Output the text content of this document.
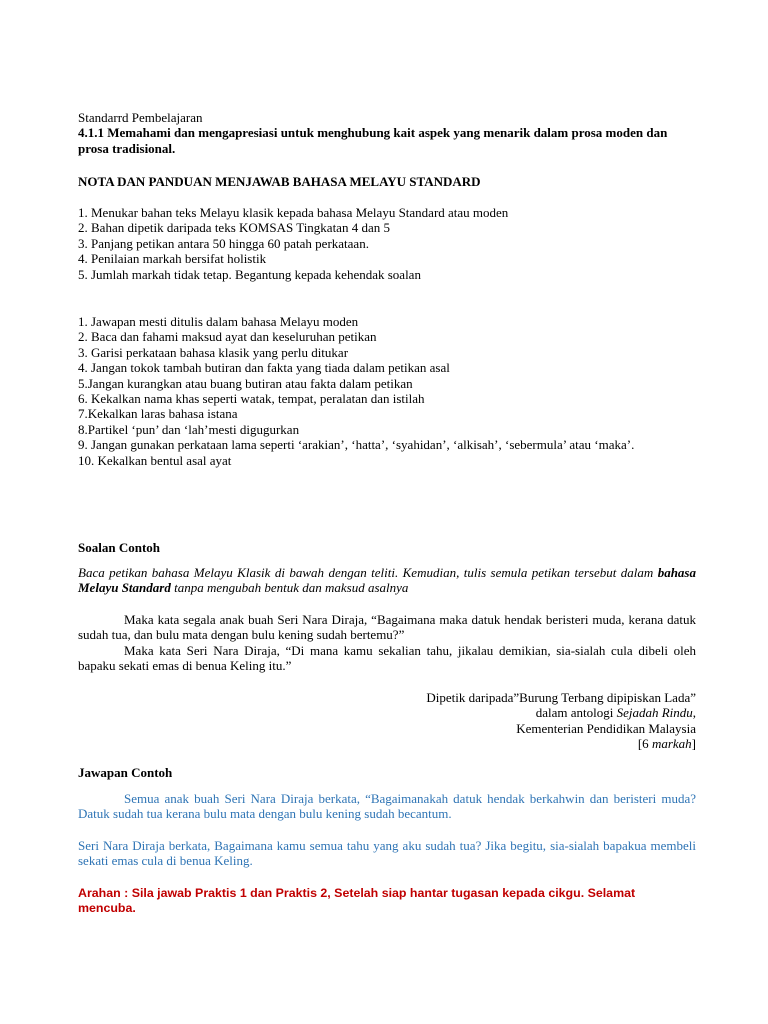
Standarrd Pembelajaran

4.1.1 Memahami dan mengapresiasi untuk menghubung kait aspek yang menarik dalam prosa moden dan prosa tradisional.

NOTA DAN PANDUAN MENJAWAB BAHASA MELAYU STANDARD
1. Menukar bahan teks Melayu klasik kepada bahasa Melayu Standard atau moden
2. Bahan dipetik daripada teks KOMSAS Tingkatan 4 dan 5
3. Panjang petikan antara 50 hingga 60 patah perkataan.
4. Penilaian markah bersifat holistik
5. Jumlah markah tidak tetap. Begantung kepada kehendak soalan
1. Jawapan mesti ditulis dalam bahasa Melayu moden
2. Baca dan fahami maksud ayat dan keseluruhan petikan
3. Garisi perkataan bahasa klasik yang perlu ditukar
4. Jangan tokok tambah butiran dan fakta yang tiada dalam petikan asal
5.Jangan kurangkan atau buang butiran atau fakta dalam petikan
6. Kekalkan nama khas seperti watak, tempat, peralatan dan istilah
7.Kekalkan laras bahasa istana
8.Partikel ‘pun’ dan ‘lah’mesti digugurkan
9. Jangan gunakan perkataan lama seperti ‘arakian’, ‘hatta’, ‘syahidan’, ‘alkisah’, ‘sebermula’ atau ‘maka’.
10. Kekalkan bentul asal ayat
Soalan Contoh

Baca petikan bahasa Melayu Klasik di bawah dengan teliti. Kemudian, tulis semula petikan tersebut dalam bahasa Melayu Standard tanpa mengubah bentuk dan maksud asalnya

Maka kata segala anak buah Seri Nara Diraja, “Bagaimana maka datuk hendak beristeri muda, kerana datuk sudah tua, dan bulu mata dengan bulu kening sudah bertemu?”

Maka kata Seri Nara Diraja, “Di mana kamu sekalian tahu, jikalau demikian, sia-sialah cula dibeli oleh bapaku sekati emas di benua Keling itu.”

Dipetik daripada”Burung Terbang dipipiskan Lada”
dalam antologi Sejadah Rindu,
Kementerian Pendidikan Malaysia
[6 markah]
Jawapan Contoh

Semua anak buah Seri Nara Diraja berkata, “Bagaimanakah datuk hendak berkahwin dan beristeri muda? Datuk sudah tua kerana bulu mata dengan bulu kening sudah becantum.

Seri Nara Diraja berkata, Bagaimana kamu semua tahu yang aku sudah tua? Jika begitu, sia-sialah bapakua membeli sekati emas cula di benua Keling.

Arahan : Sila jawab Praktis 1 dan Praktis 2, Setelah siap hantar tugasan kepada cikgu. Selamat mencuba.
